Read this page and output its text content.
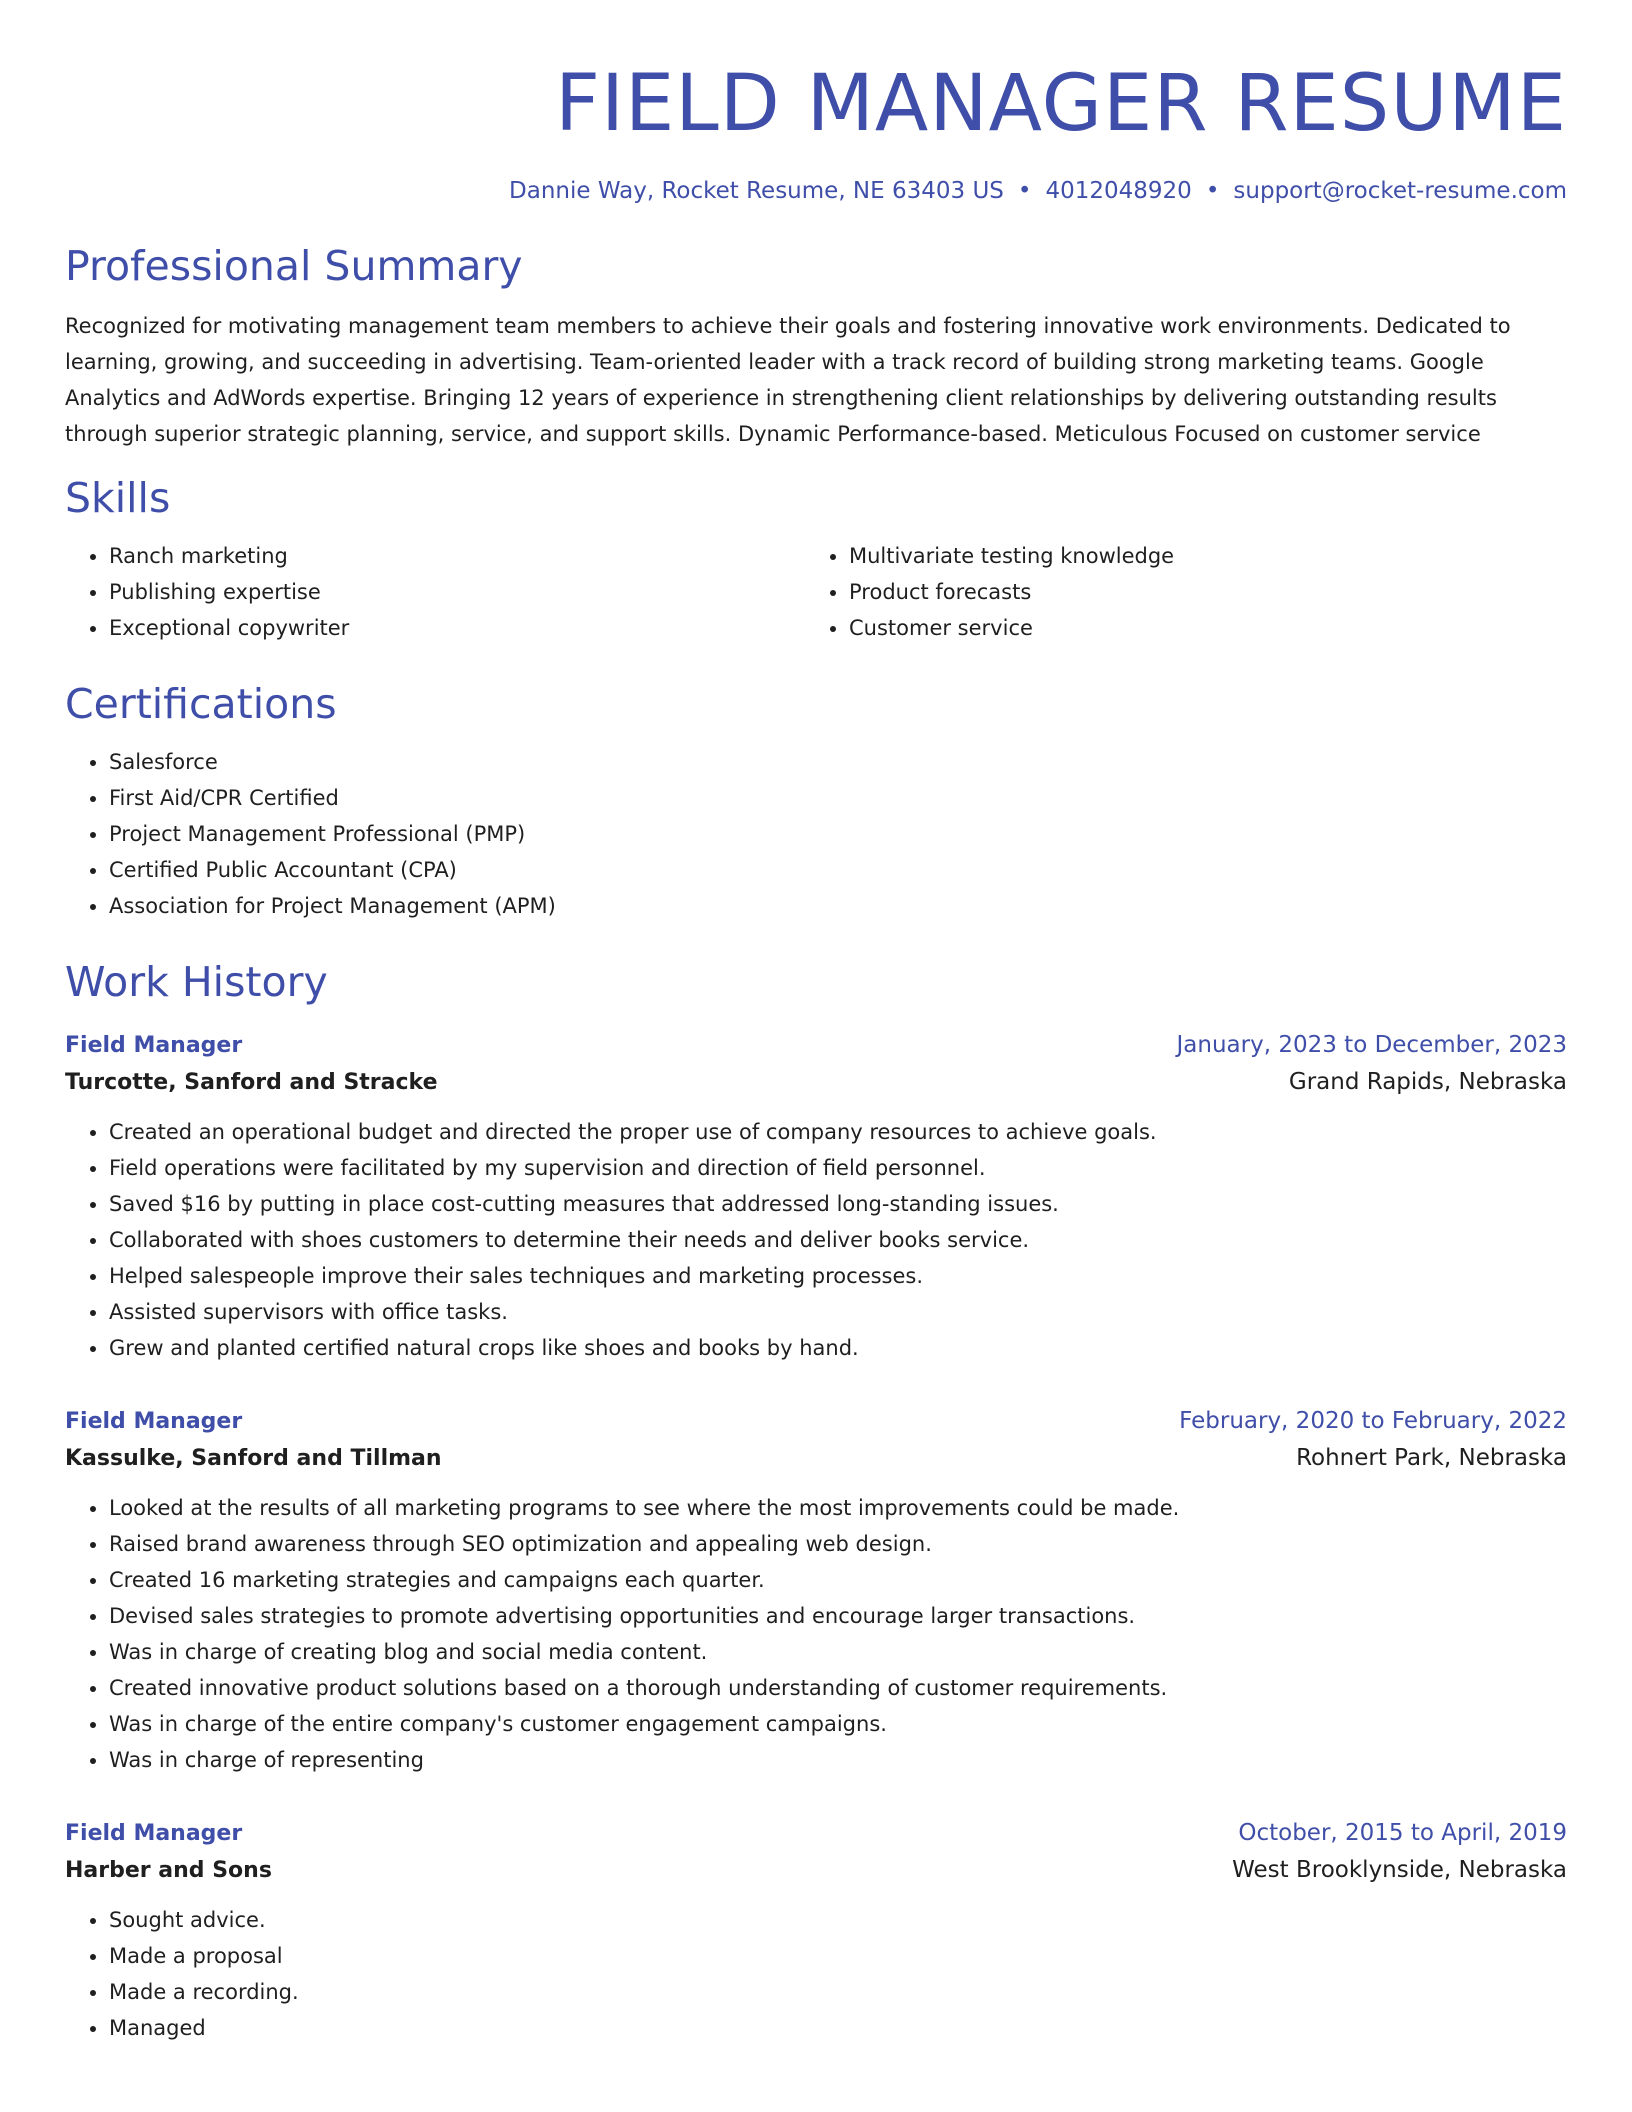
FIELD MANAGER RESUME
Dannie Way, Rocket Resume, NE 63403 US • 4012048920 • support@rocket-resume.com
Professional Summary
Recognized for motivating management team members to achieve their goals and fostering innovative work environments. Dedicated to learning, growing, and succeeding in advertising. Team-oriented leader with a track record of building strong marketing teams. Google Analytics and AdWords expertise. Bringing 12 years of experience in strengthening client relationships by delivering outstanding results through superior strategic planning, service, and support skills. Dynamic Performance-based. Meticulous Focused on customer service
Skills
• Ranch marketing
• Publishing expertise
• Exceptional copywriter
• Multivariate testing knowledge
• Product forecasts
• Customer service
Certifications
• Salesforce
• First Aid/CPR Certified
• Project Management Professional (PMP)
• Certified Public Accountant (CPA)
• Association for Project Management (APM)
Work History
Field Manager	January, 2023 to December, 2023
Turcotte, Sanford and Stracke	Grand Rapids, Nebraska
• Created an operational budget and directed the proper use of company resources to achieve goals.
• Field operations were facilitated by my supervision and direction of field personnel.
• Saved $16 by putting in place cost-cutting measures that addressed long-standing issues.
• Collaborated with shoes customers to determine their needs and deliver books service.
• Helped salespeople improve their sales techniques and marketing processes.
• Assisted supervisors with office tasks.
• Grew and planted certified natural crops like shoes and books by hand.
Field Manager	February, 2020 to February, 2022
Kassulke, Sanford and Tillman	Rohnert Park, Nebraska
• Looked at the results of all marketing programs to see where the most improvements could be made.
• Raised brand awareness through SEO optimization and appealing web design.
• Created 16 marketing strategies and campaigns each quarter.
• Devised sales strategies to promote advertising opportunities and encourage larger transactions.
• Was in charge of creating blog and social media content.
• Created innovative product solutions based on a thorough understanding of customer requirements.
• Was in charge of the entire company's customer engagement campaigns.
• Was in charge of representing
Field Manager	October, 2015 to April, 2019
Harber and Sons	West Brooklynside, Nebraska
• Sought advice.
• Made a proposal
• Made a recording.
• Managed
